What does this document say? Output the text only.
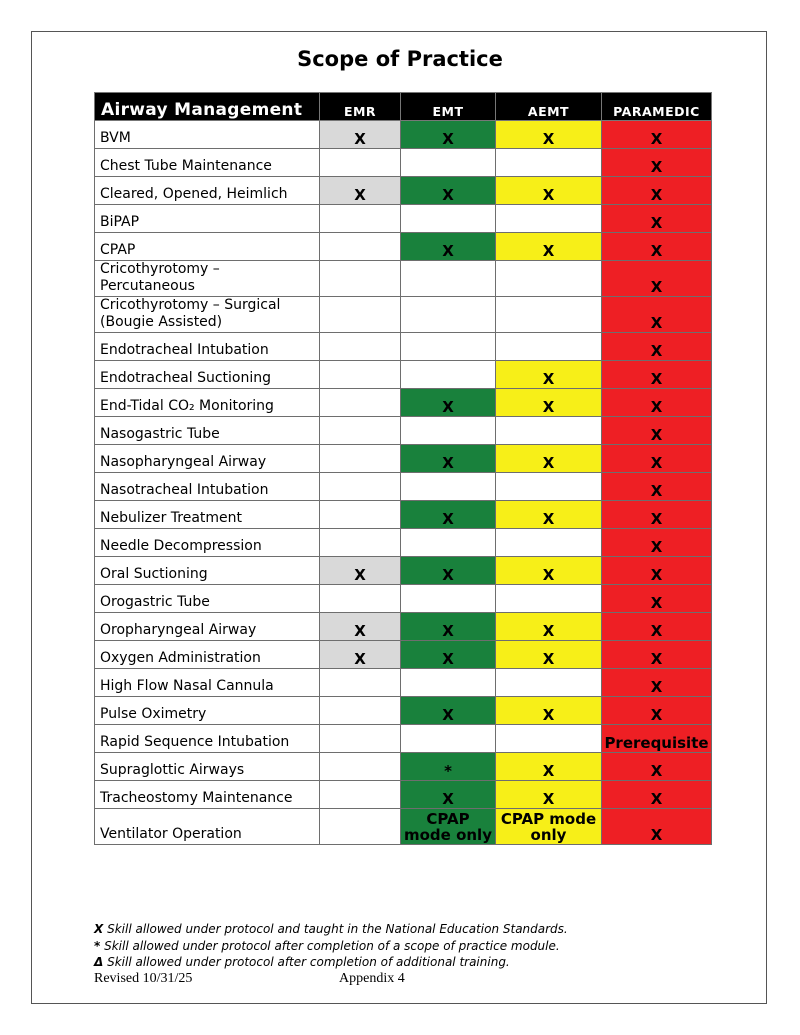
Scope of Practice
Airway Management	EMR	EMT	AEMT	PARAMEDIC
BVM	X	X	X	X
Chest Tube Maintenance				X
Cleared, Opened, Heimlich	X	X	X	X
BiPAP				X
CPAP		X	X	X
Cricothyrotomy –
Percutaneous				X
Cricothyrotomy – Surgical
(Bougie Assisted)				X
Endotracheal Intubation				X
Endotracheal Suctioning			X	X
End-Tidal CO₂ Monitoring		X	X	X
Nasogastric Tube				X
Nasopharyngeal Airway		X	X	X
Nasotracheal Intubation				X
Nebulizer Treatment		X	X	X
Needle Decompression				X
Oral Suctioning	X	X	X	X
Orogastric Tube				X
Oropharyngeal Airway	X	X	X	X
Oxygen Administration	X	X	X	X
High Flow Nasal Cannula				X
Pulse Oximetry		X	X	X
Rapid Sequence Intubation				Prerequisite
Supraglottic Airways		*	X	X
Tracheostomy Maintenance		X	X	X
Ventilator Operation		CPAP mode only	CPAP mode only	X
X Skill allowed under protocol and taught in the National Education Standards.
* Skill allowed under protocol after completion of a scope of practice module.
Δ Skill allowed under protocol after completion of additional training.
Revised 10/31/25	Appendix 4
